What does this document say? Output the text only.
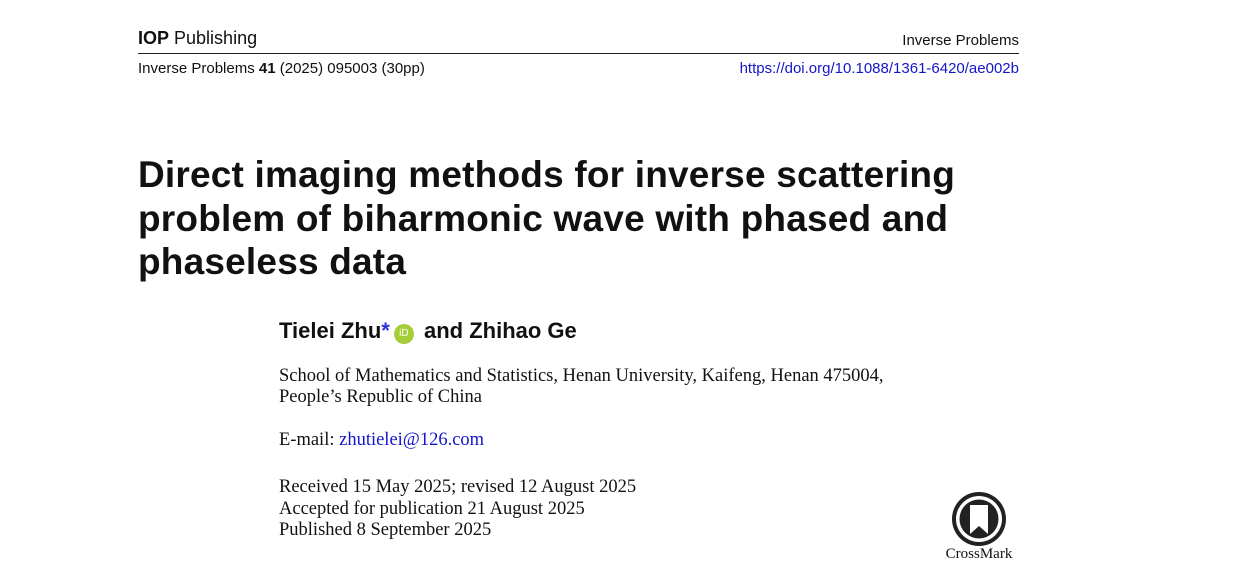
IOP Publishing	Inverse Problems
Inverse Problems 41 (2025) 095003 (30pp)	https://doi.org/10.1088/1361-6420/ae002b
Direct imaging methods for inverse scattering problem of biharmonic wave with phased and phaseless data
Tielei Zhu* iD and Zhihao Ge
School of Mathematics and Statistics, Henan University, Kaifeng, Henan 475004,
People’s Republic of China
E-mail: zhutielei@126.com
Received 15 May 2025; revised 12 August 2025
Accepted for publication 21 August 2025
Published 8 September 2025
CrossMark
